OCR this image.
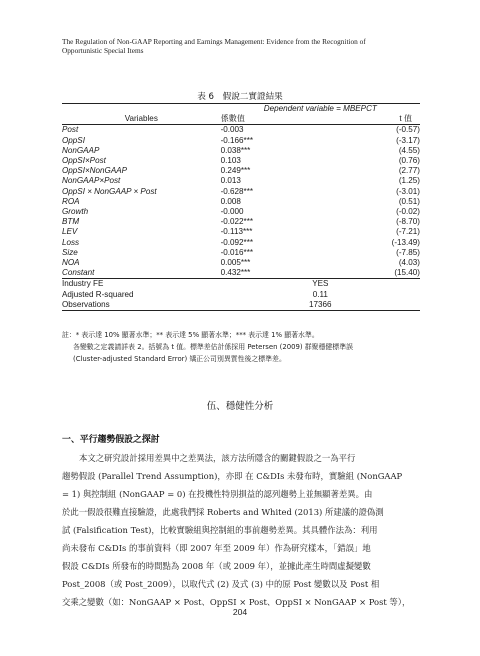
The Regulation of Non-GAAP Reporting and Earnings Management: Evidence from the Recognition of
Opportunistic Special Items
表 6　假說二實證結果
	Dependent variable = MBEPCT	
Variables	係數值	t 值
Post	-0.003	(-0.57)
OppSI	-0.166***	(-3.17)
NonGAAP	0.038***	(4.55)
OppSI×Post	0.103	(0.76)
OppSI×NonGAAP	0.249***	(2.77)
NonGAAP×Post	0.013	(1.25)
OppSI × NonGAAP × Post	-0.628***	(-3.01)
ROA	0.008	(0.51)
Growth	-0.000	(-0.02)
BTM	-0.022***	(-8.70)
LEV	-0.113***	(-7.21)
Loss	-0.092***	(-13.49)
Size	-0.016***	(-7.85)
NOA	0.005***	(4.03)
Constant	0.432***	(15.40)
Industry FE	YES	
Adjusted R-squared	0.11	
Observations	17366	
註：* 表示達 10% 顯著水準；** 表示達 5% 顯著水準；*** 表示達 1% 顯著水準。
各變數之定義請詳表 2。括號為 t 值。標準差估計係採用 Petersen (2009) 群聚穩健標準誤
(Cluster-adjusted Standard Error) 矯正公司別異質性後之標準差。
伍、穩健性分析
一、平行趨勢假設之探討
本文之研究設計採用差異中之差異法，該方法所隱含的關鍵假設之一為平行
趨勢假設 (Parallel Trend Assumption)，亦即 在 C&DIs 未發布時，實驗組 (NonGAAP
= 1) 與控制組 (NonGAAP = 0) 在投機性特別損益的認列趨勢上並無顯著差異。由
於此一假設很難直接驗證，此處我們採 Roberts and Whited (2013) 所建議的證偽測
試 (Falsification Test)，比較實驗組與控制組的事前趨勢差異。其具體作法為：利用
尚未發布 C&DIs 的事前資料（即 2007 年至 2009 年）作為研究樣本，「錯誤」地
假設 C&DIs 所發布的時間點為 2008 年（或 2009 年），並據此產生時間虛擬變數
Post_2008（或 Post_2009），以取代式 (2) 及式 (3) 中的原 Post 變數以及 Post 相
交乘之變數（如：NonGAAP × Post、OppSI × Post、OppSI × NonGAAP × Post 等），
204
